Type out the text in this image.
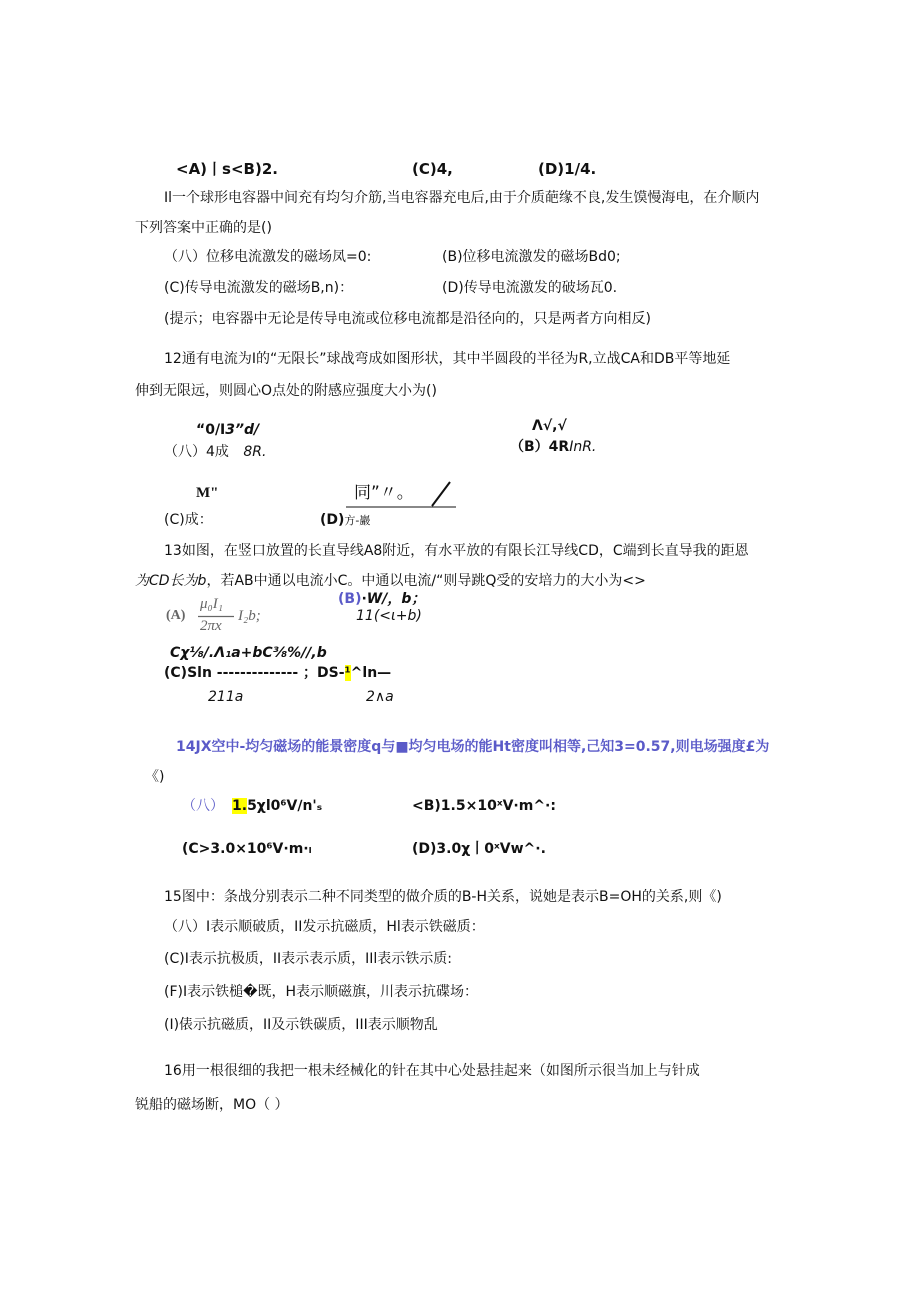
<A)丨s<B)2.	(C)4,	(D)1/4.
Il一个球形电容器中间充有均匀介筋,当电容器充电后,由于介质葩缘不良,发生馍慢海电，在介顺内
下列答案中正确的是()
（八）位移电流激发的磁场凤=0:	(B)位移电流激发的磁场Bd0;
(C)传导电流激发的磁场B,n)：	(D)传导电流激发的破场瓦0.
(提示；电容器中无论是传导电流或位移电流都是沿径向的，只是两者方向相反)
12通有电流为I的“无限长”球战弯成如图形状，其中半圆段的半径为R,立战CA和DB平等地延
伸到无限远，则圆心O点处的附感应强度大小为()
“0/I3”d/
（八）4成 8R.
Λ√,√
（B）4RInR.
M"
(C)成：
同”〃。
(D)方-巖
13如图，在竖口放置的长直导线A8附近，有水平放的有限长江导线CD，C端到长直导我的距恩
为CD长为b，若AB中通以电流小C。中通以电流/“则导跳Q受的安培力的大小为<>
(A)
μ₀I₁
2πx
I₂b;
(B)∙W/，b；
11(<ι+b)
Cχ⅛/.Λ₁a+bC⅜%∕∕,b
(C)Sln -------------- ；DS-¹^ln—
211a	2∧a
14JX空中-均匀磁场的能景密度q与■均匀电场的能Ht密度叫相等,己知3=0.57,则电场强度£为
《)
（八） 1.5χl0⁶V∕n'ₛ	<B)1.5×10ˣV∙m^∙:
(C>3.0×10⁶V∙m∙ₗ	(D)3.0χ丨0ˣVw^∙.
15图中：条战分别表示二种不同类型的做介质的B-H关系，说她是表示B=OH的关系,则《)
（八）I表示顺破质，II发示抗磁质，Hl表示铁磁质：
(C)I表示抗极质，II表示表示质，IIl表示铁示质:
(F)I表示铁槌�既，H表示顺磁旗，川表示抗碟场：
(I)俵示抗磁质，II及示铁碳质，III表示顺物乱
16用一根很细的我把一根未经械化的针在其中心处悬挂起来（如图所示很当加上与针成
锐船的磁场断，MO（ ）
